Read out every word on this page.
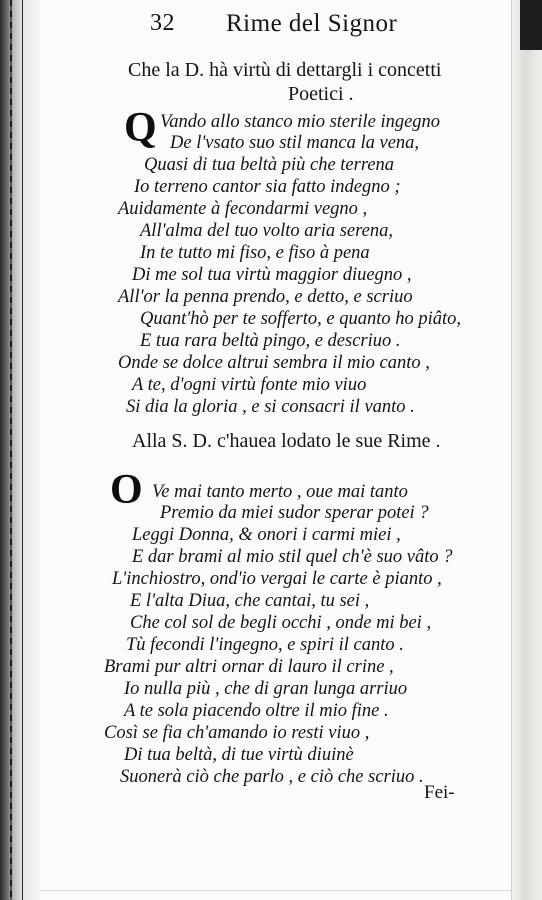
32 Rime del Signor
Che la D. hà virtù di dettargli i concetti
Poetici .
Q Vando allo stanco mio sterile ingegno
De l'vsato suo stil manca la vena,
Quasi di tua beltà più che terrena
Io terreno cantor sia fatto indegno ;
Auidamente à fecondarmi vegno ,
All'alma del tuo volto aria serena,
In te tutto mi fiso, e fiso à pena
Di me sol tua virtù maggior diuegno ,
All'or la penna prendo, e detto, e scriuo
Quant'hò per te sofferto, e quanto ho piâto,
E tua rara beltà pingo, e descriuo .
Onde se dolce altrui sembra il mio canto ,
A te, d'ogni virtù fonte mio viuo
Si dia la gloria , e si consacri il vanto .
Alla S. D. c'hauea lodato le sue Rime .
O Ve mai tanto merto , oue mai tanto
Premio da miei sudor sperar potei ?
Leggi Donna, & onori i carmi miei ,
E dar brami al mio stil quel ch'è suo vâto ?
L'inchiostro, ond'io vergai le carte è pianto ,
E l'alta Diua, che cantai, tu sei ,
Che col sol de begli occhi , onde mi bei ,
Tù fecondi l'ingegno, e spiri il canto .
Brami pur altri ornar di lauro il crine ,
Io nulla più , che di gran lunga arriuo
A te sola piacendo oltre il mio fine .
Così se fia ch'amando io resti viuo ,
Di tua beltà, di tue virtù diuinè
Suonerà ciò che parlo , e ciò che scriuo .
Fei-
